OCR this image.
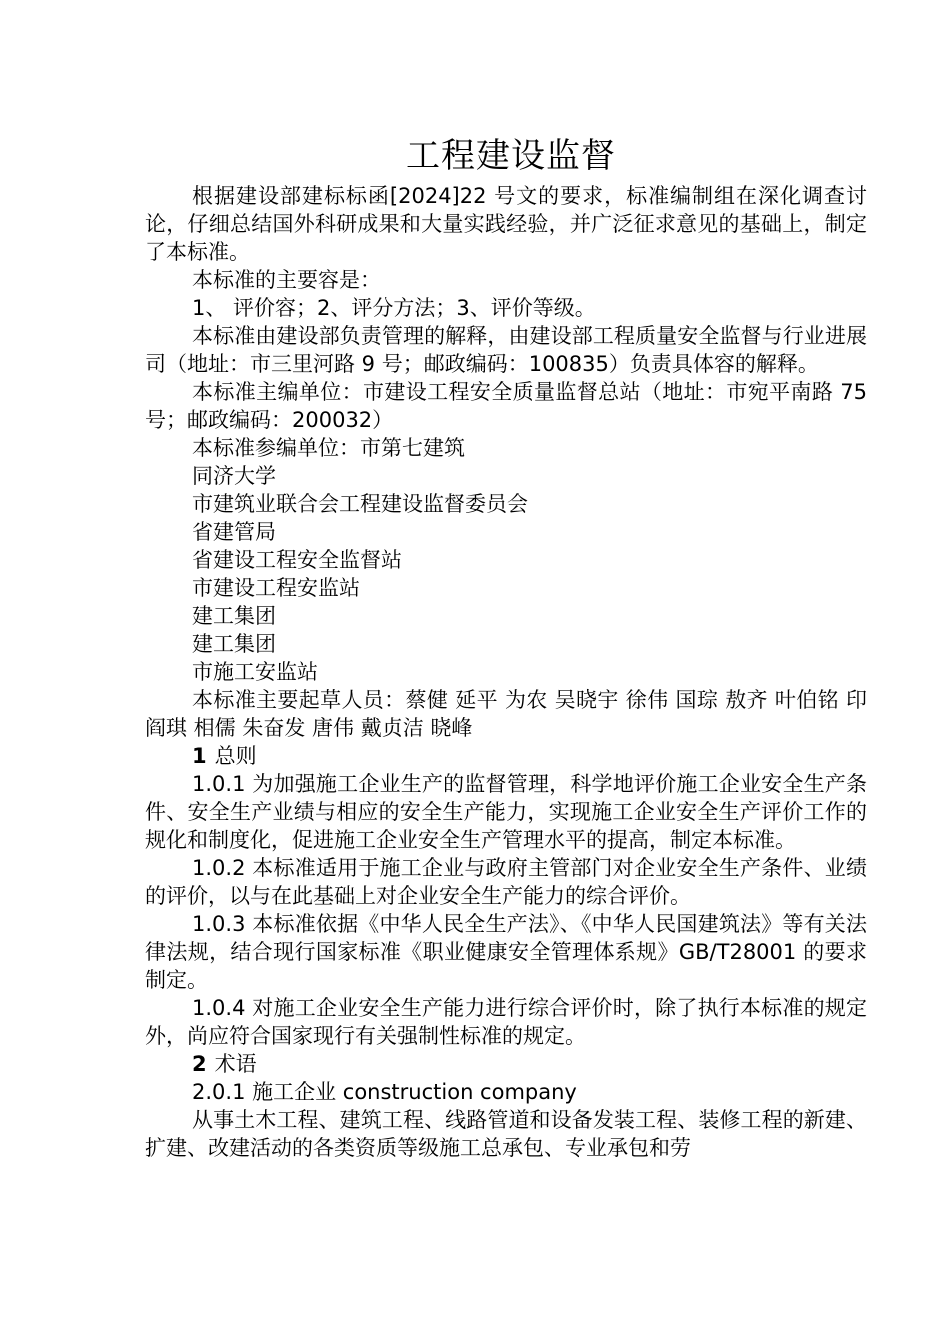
工程建设监督

根据建设部建标标函[2024]22 号文的要求，标准编制组在深化调查讨论，仔细总结国外科研成果和大量实践经验，并广泛征求意见的基础上，制定了本标准。

本标准的主要容是：

1、 评价容；2、评分方法；3、评价等级。

本标准由建设部负责管理的解释，由建设部工程质量安全监督与行业进展司（地址：市三里河路 9 号；邮政编码：100835）负责具体容的解释。

本标准主编单位：市建设工程安全质量监督总站（地址：市宛平南路 75 号；邮政编码：200032）

本标准参编单位：市第七建筑

同济大学

市建筑业联合会工程建设监督委员会

省建管局

省建设工程安全监督站

市建设工程安监站

建工集团

建工集团

市施工安监站

本标准主要起草人员：蔡健 延平 为农 吴晓宇 徐伟 国琮 敖齐 叶伯铭 印 阎琪 相儒 朱奋发 唐伟 戴贞洁 晓峰

1 总则

1.0.1 为加强施工企业生产的监督管理，科学地评价施工企业安全生产条件、安全生产业绩与相应的安全生产能力，实现施工企业安全生产评价工作的规化和制度化，促进施工企业安全生产管理水平的提高，制定本标准。

1.0.2 本标准适用于施工企业与政府主管部门对企业安全生产条件、业绩的评价，以与在此基础上对企业安全生产能力的综合评价。

1.0.3 本标准依据《中华人民全生产法》、《中华人民国建筑法》等有关法律法规，结合现行国家标准《职业健康安全管理体系规》GB/T28001 的要求制定。

1.0.4 对施工企业安全生产能力进行综合评价时，除了执行本标准的规定外，尚应符合国家现行有关强制性标准的规定。

2 术语

2.0.1 施工企业 construction company

从事土木工程、建筑工程、线路管道和设备发装工程、装修工程的新建、扩建、改建活动的各类资质等级施工总承包、专业承包和劳
